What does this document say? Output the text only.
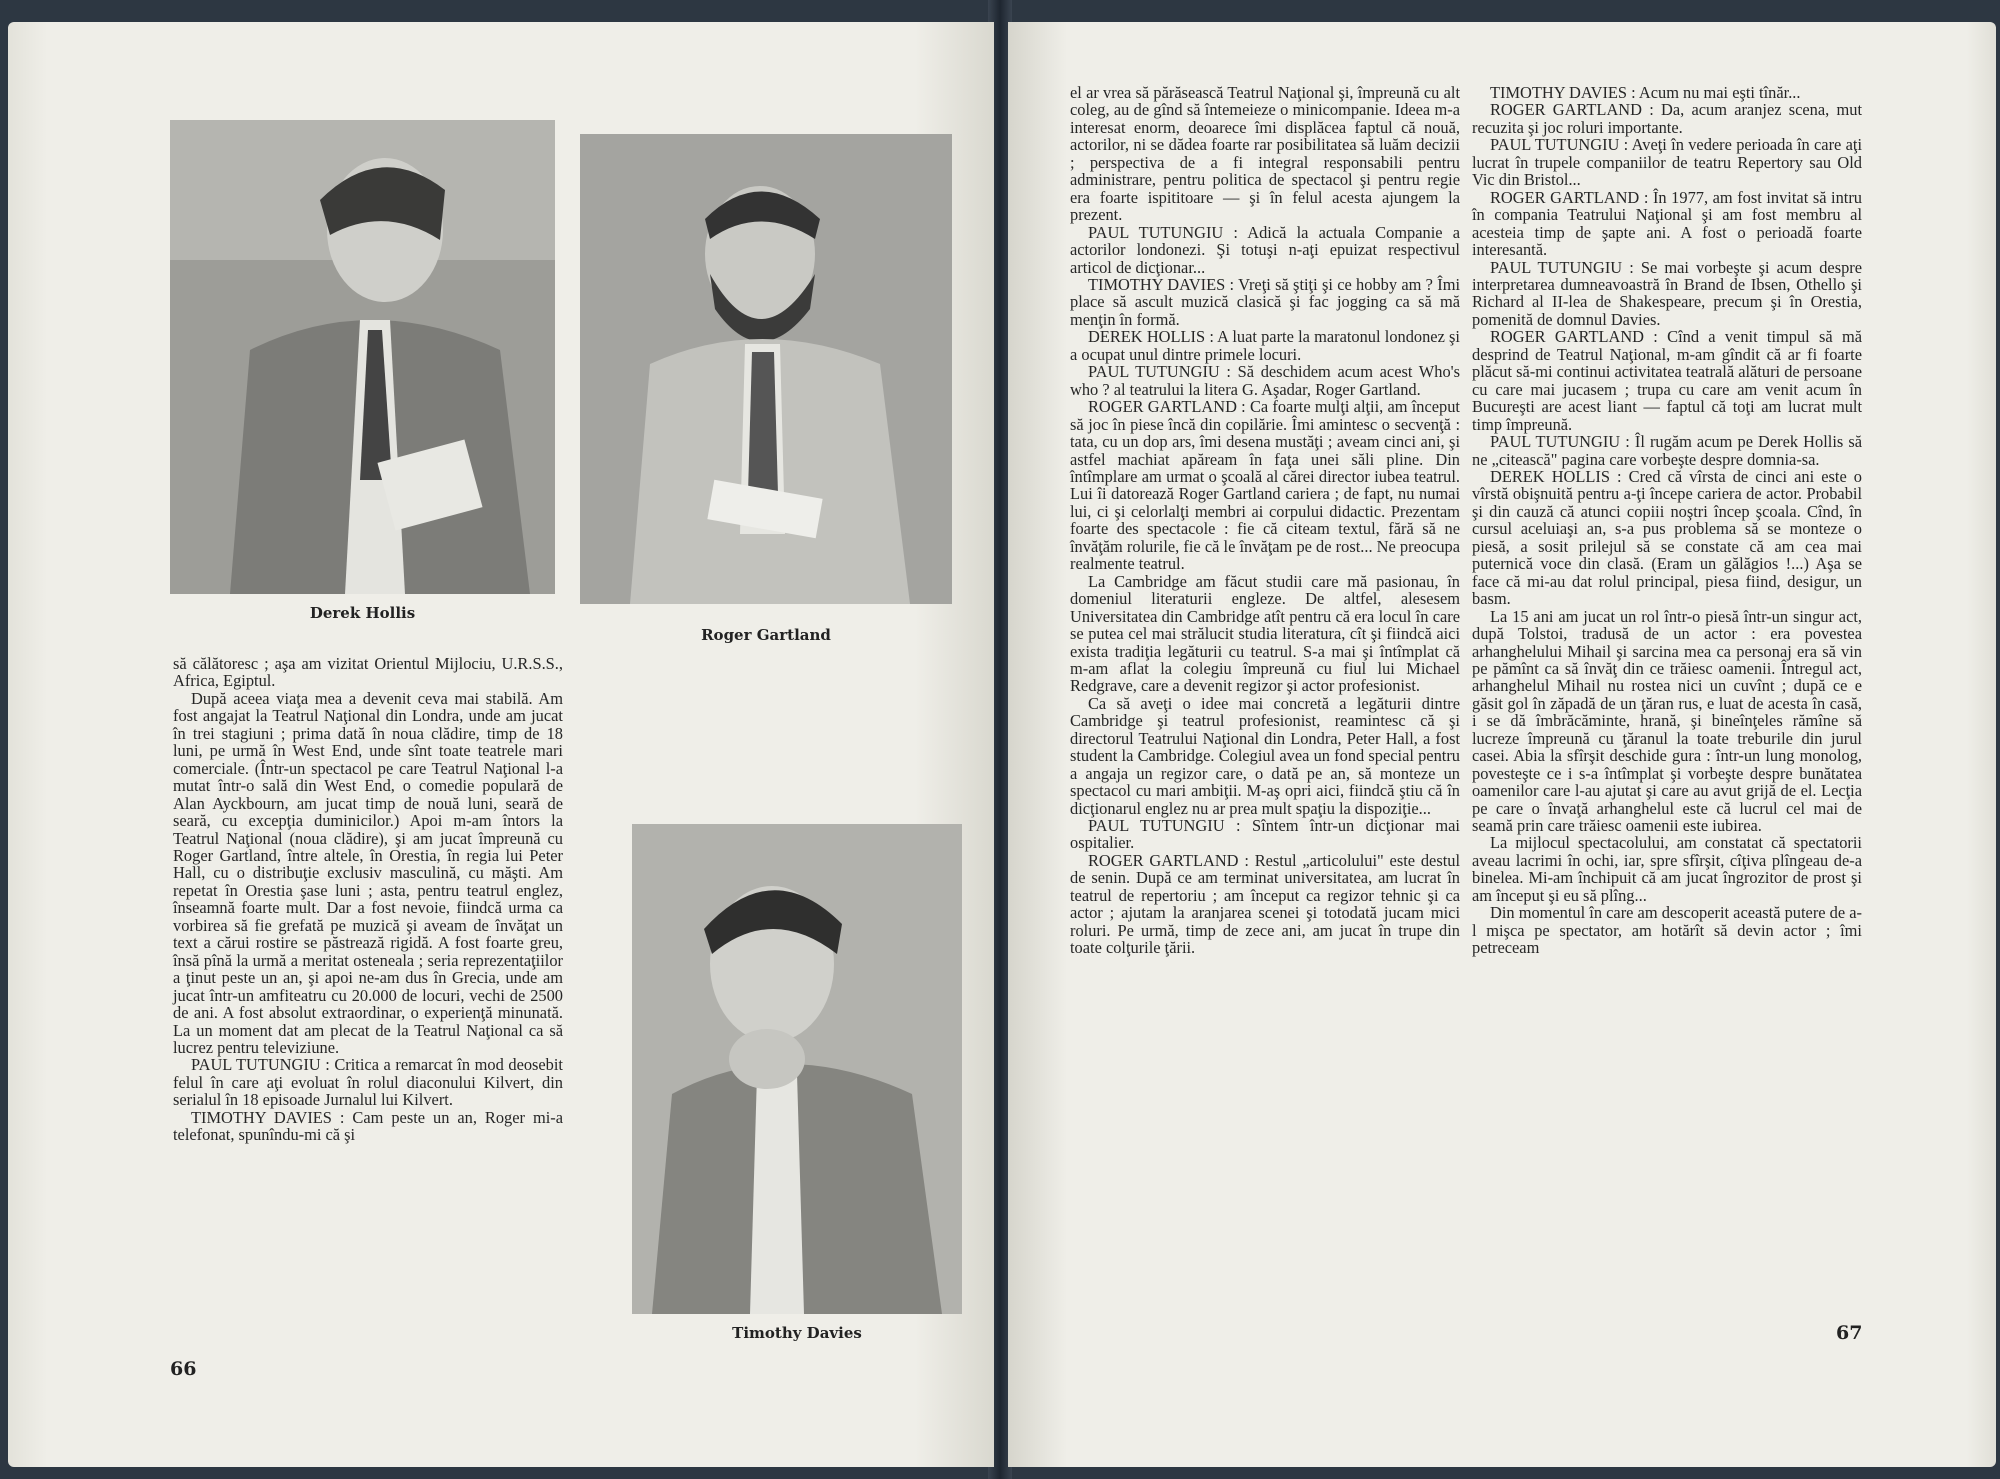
Derek Hollis
Roger Gartland
Timothy Davies

să călătoresc ; aşa am vizitat Orientul Mijlociu, U.R.S.S., Africa, Egiptul.

După aceea viaţa mea a devenit ceva mai stabilă. Am fost angajat la Teatrul Naţional din Londra, unde am jucat în trei stagiuni ; prima dată în noua clădire, timp de 18 luni, pe urmă în West End, unde sînt toate teatrele mari comerciale. (Într-un spectacol pe care Teatrul Naţional l-a mutat într-o sală din West End, o comedie populară de Alan Ayckbourn, am jucat timp de nouă luni, seară de seară, cu excepţia duminicilor.) Apoi m-am întors la Teatrul Naţional (noua clădire), şi am jucat împreună cu Roger Gartland, între altele, în Orestia, în regia lui Peter Hall, cu o distribuţie exclusiv masculină, cu măşti. Am repetat în Orestia şase luni ; asta, pentru teatrul englez, înseamnă foarte mult. Dar a fost nevoie, fiindcă urma ca vorbirea să fie grefată pe muzică şi aveam de învăţat un text a cărui rostire se păstrează rigidă. A fost foarte greu, însă pînă la urmă a meritat osteneala ; seria reprezentaţiilor a ţinut peste un an, şi apoi ne-am dus în Grecia, unde am jucat într-un amfiteatru cu 20.000 de locuri, vechi de 2500 de ani. A fost absolut extraordinar, o experienţă minunată. La un moment dat am plecat de la Teatrul Naţional ca să lucrez pentru televiziune.

PAUL TUTUNGIU : Critica a remarcat în mod deosebit felul în care aţi evoluat în rolul diaconului Kilvert, din serialul în 18 episoade Jurnalul lui Kilvert.

TIMOTHY DAVIES : Cam peste un an, Roger mi-a telefonat, spunîndu-mi că şi

66

el ar vrea să părăsească Teatrul Naţional şi, împreună cu alt coleg, au de gînd să întemeieze o minicompanie. Ideea m-a interesat enorm, deoarece îmi displăcea faptul că nouă, actorilor, ni se dădea foarte rar posibilitatea să luăm decizii ; perspectiva de a fi integral responsabili pentru administrare, pentru politica de spectacol şi pentru regie era foarte ispititoare — şi în felul acesta ajungem la prezent.

PAUL TUTUNGIU : Adică la actuala Companie a actorilor londonezi. Şi totuşi n-aţi epuizat respectivul articol de dicţionar...

TIMOTHY DAVIES : Vreţi să ştiţi şi ce hobby am ? Îmi place să ascult muzică clasică şi fac jogging ca să mă menţin în formă.

DEREK HOLLIS : A luat parte la maratonul londonez şi a ocupat unul dintre primele locuri.

PAUL TUTUNGIU : Să deschidem acum acest Who's who ? al teatrului la litera G. Aşadar, Roger Gartland.

ROGER GARTLAND : Ca foarte mulţi alţii, am început să joc în piese încă din copilărie. Îmi amintesc o secvenţă : tata, cu un dop ars, îmi desena mustăţi ; aveam cinci ani, şi astfel machiat apăream în faţa unei săli pline. Din întîmplare am urmat o şcoală al cărei director iubea teatrul. Lui îi datorează Roger Gartland cariera ; de fapt, nu numai lui, ci şi celorlalţi membri ai corpului didactic. Prezentam foarte des spectacole : fie că citeam textul, fără să ne învăţăm rolurile, fie că le învăţam pe de rost... Ne preocupa realmente teatrul.

La Cambridge am făcut studii care mă pasionau, în domeniul literaturii engleze. De altfel, alesesem Universitatea din Cambridge atît pentru că era locul în care se putea cel mai strălucit studia literatura, cît şi fiindcă aici exista tradiţia legăturii cu teatrul. S-a mai şi întîmplat că m-am aflat la colegiu împreună cu fiul lui Michael Redgrave, care a devenit regizor şi actor profesionist.

Ca să aveţi o idee mai concretă a legăturii dintre Cambridge şi teatrul profesionist, reamintesc că şi directorul Teatrului Naţional din Londra, Peter Hall, a fost student la Cambridge. Colegiul avea un fond special pentru a angaja un regizor care, o dată pe an, să monteze un spectacol cu mari ambiţii. M-aş opri aici, fiindcă ştiu că în dicţionarul englez nu ar prea mult spaţiu la dispoziţie...

PAUL TUTUNGIU : Sîntem într-un dicţionar mai ospitalier.

ROGER GARTLAND : Restul „articolului" este destul de senin. După ce am terminat universitatea, am lucrat în teatrul de repertoriu ; am început ca regizor tehnic şi ca actor ; ajutam la aranjarea scenei şi totodată jucam mici roluri. Pe urmă, timp de zece ani, am jucat în trupe din toate colţurile ţării.

TIMOTHY DAVIES : Acum nu mai eşti tînăr...

ROGER GARTLAND : Da, acum aranjez scena, mut recuzita şi joc roluri importante.

PAUL TUTUNGIU : Aveţi în vedere perioada în care aţi lucrat în trupele companiilor de teatru Repertory sau Old Vic din Bristol...

ROGER GARTLAND : În 1977, am fost invitat să intru în compania Teatrului Naţional şi am fost membru al acesteia timp de şapte ani. A fost o perioadă foarte interesantă.

PAUL TUTUNGIU : Se mai vorbeşte şi acum despre interpretarea dumneavoastră în Brand de Ibsen, Othello şi Richard al II-lea de Shakespeare, precum şi în Orestia, pomenită de domnul Davies.

ROGER GARTLAND : Cînd a venit timpul să mă desprind de Teatrul Naţional, m-am gîndit că ar fi foarte plăcut să-mi continui activitatea teatrală alături de persoane cu care mai jucasem ; trupa cu care am venit acum în Bucureşti are acest liant — faptul că toţi am lucrat mult timp împreună.

PAUL TUTUNGIU : Îl rugăm acum pe Derek Hollis să ne „citească" pagina care vorbeşte despre domnia-sa.

DEREK HOLLIS : Cred că vîrsta de cinci ani este o vîrstă obişnuită pentru a-ţi începe cariera de actor. Probabil şi din cauză că atunci copiii noştri încep şcoala. Cînd, în cursul aceluiaşi an, s-a pus problema să se monteze o piesă, a sosit prilejul să se constate că am cea mai puternică voce din clasă. (Eram un gălăgios !...) Aşa se face că mi-au dat rolul principal, piesa fiind, desigur, un basm.

La 15 ani am jucat un rol într-o piesă într-un singur act, după Tolstoi, tradusă de un actor : era povestea arhanghelului Mihail şi sarcina mea ca personaj era să vin pe pămînt ca să învăţ din ce trăiesc oamenii. Întregul act, arhanghelul Mihail nu rostea nici un cuvînt ; după ce e găsit gol în zăpadă de un ţăran rus, e luat de acesta în casă, i se dă îmbrăcăminte, hrană, şi bineînţeles rămîne să lucreze împreună cu ţăranul la toate treburile din jurul casei. Abia la sfîrşit deschide gura : într-un lung monolog, povesteşte ce i s-a întîmplat şi vorbeşte despre bunătatea oamenilor care l-au ajutat şi care au avut grijă de el. Lecţia pe care o învaţă arhanghelul este că lucrul cel mai de seamă prin care trăiesc oamenii este iubirea.

La mijlocul spectacolului, am constatat că spectatorii aveau lacrimi în ochi, iar, spre sfîrşit, cîţiva plîngeau de-a binelea. Mi-am închipuit că am jucat îngrozitor de prost şi am început şi eu să plîng...

Din momentul în care am descoperit această putere de a-l mişca pe spectator, am hotărît să devin actor ; îmi petreceam

67
